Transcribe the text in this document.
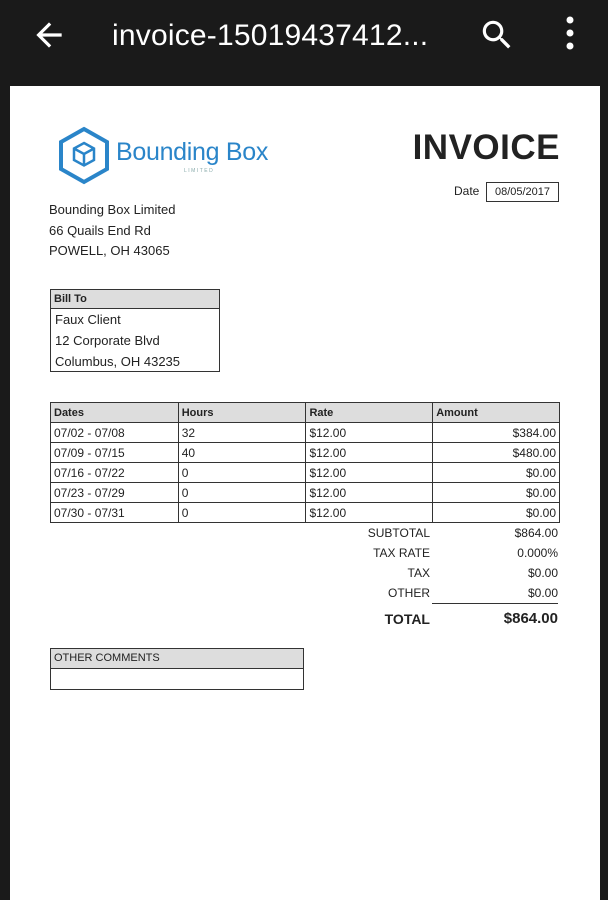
invoice-15019437412...
Bounding Box
LIMITED
INVOICE
Date	08/05/2017
Bounding Box Limited
66 Quails End Rd
POWELL, OH 43065
Bill To
Faux Client
12 Corporate Blvd
Columbus, OH 43235
Dates	Hours	Rate	Amount
07/02 - 07/08	32	$12.00	$384.00
07/09 - 07/15	40	$12.00	$480.00
07/16 - 07/22	0	$12.00	$0.00
07/23 - 07/29	0	$12.00	$0.00
07/30 - 07/31	0	$12.00	$0.00
SUBTOTAL	$864.00
TAX RATE	0.000%
TAX	$0.00
OTHER	$0.00
TOTAL	$864.00
OTHER COMMENTS
